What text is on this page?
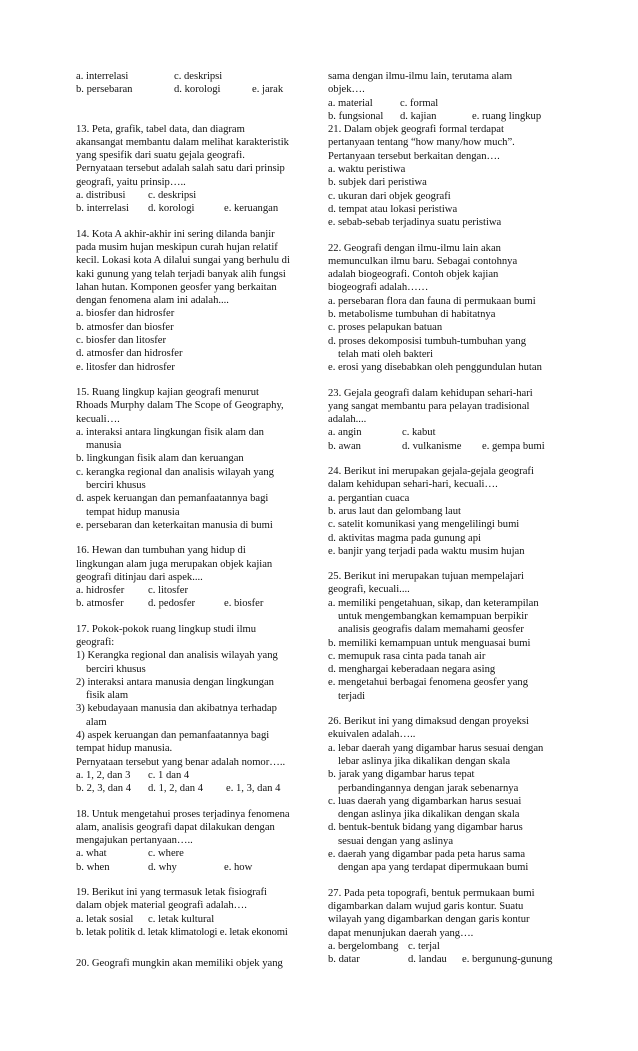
a. interrelasi	c. deskripsi
b. persebaran	d. korologi	e. jarak
13. Peta, grafik, tabel data, dan diagram
akansangat membantu dalam melihat karakteristik
yang spesifik dari suatu gejala geografi.
Pernyataan tersebut adalah salah satu dari prinsip
geografi, yaitu prinsip…..
a. distribusi c. deskripsi
b. interrelasi d. korologi	e. keruangan
14. Kota A akhir-akhir ini sering dilanda banjir
pada musim hujan meskipun curah hujan relatif
kecil. Lokasi kota A dilalui sungai yang berhulu di
kaki gunung yang telah terjadi banyak alih fungsi
lahan hutan. Komponen geosfer yang berkaitan
dengan fenomena alam ini adalah....
a. biosfer dan hidrosfer
b. atmosfer dan biosfer
c. biosfer dan litosfer
d. atmosfer dan hidrosfer
e. litosfer dan hidrosfer
15. Ruang lingkup kajian geografi menurut
Rhoads Murphy dalam The Scope of Geography,
kecuali….
a. interaksi antara lingkungan fisik alam dan
manusia
b. lingkungan fisik alam dan keruangan
c. kerangka regional dan analisis wilayah yang
berciri khusus
d. aspek keruangan dan pemanfaatannya bagi
tempat hidup manusia
e. persebaran dan keterkaitan manusia di bumi
16. Hewan dan tumbuhan yang hidup di
lingkungan alam juga merupakan objek kajian
geografi ditinjau dari aspek....
a. hidrosfer c. litosfer
b. atmosfer d. pedosfer	e. biosfer
17. Pokok-pokok ruang lingkup studi ilmu
geografi:
1) Kerangka regional dan analisis wilayah yang
berciri khusus
2) interaksi antara manusia dengan lingkungan
fisik alam
3) kebudayaan manusia dan akibatnya terhadap
alam
4) aspek keruangan dan pemanfaatannya bagi
tempat hidup manusia.
Pernyataan tersebut yang benar adalah nomor…..
a. 1, 2, dan 3 c. 1 dan 4
b. 2, 3, dan 4 d. 1, 2, dan 4 e. 1, 3, dan 4
18. Untuk mengetahui proses terjadinya fenomena
alam, analisis geografi dapat dilakukan dengan
mengajukan pertanyaan…..
a. what	c. where
b. when	d. why	e. how
19. Berikut ini yang termasuk letak fisiografi
dalam objek material geografi adalah….
a. letak sosial c. letak kultural
b. letak politik d. letak klimatologi e. letak ekonomi
20. Geografi mungkin akan memiliki objek yang
sama dengan ilmu-ilmu lain, terutama alam
objek….
a. material	c. formal
b. fungsional d. kajian	e. ruang lingkup
21. Dalam objek geografi formal terdapat
pertanyaan tentang “how many/how much”.
Pertanyaan tersebut berkaitan dengan….
a. waktu peristiwa
b. subjek dari peristiwa
c. ukuran dari objek geografi
d. tempat atau lokasi peristiwa
e. sebab-sebab terjadinya suatu peristiwa
22. Geografi dengan ilmu-ilmu lain akan
memunculkan ilmu baru. Sebagai contohnya
adalah biogeografi. Contoh objek kajian
biogeografi adalah……
a. persebaran flora dan fauna di permukaan bumi
b. metabolisme tumbuhan di habitatnya
c. proses pelapukan batuan
d. proses dekomposisi tumbuh-tumbuhan yang
telah mati oleh bakteri
e. erosi yang disebabkan oleh penggundulan hutan
23. Gejala geografi dalam kehidupan sehari-hari
yang sangat membantu para pelayan tradisional
adalah....
a. angin	c. kabut
b. awan	d. vulkanisme e. gempa bumi
24. Berikut ini merupakan gejala-gejala geografi
dalam kehidupan sehari-hari, kecuali….
a. pergantian cuaca
b. arus laut dan gelombang laut
c. satelit komunikasi yang mengelilingi bumi
d. aktivitas magma pada gunung api
e. banjir yang terjadi pada waktu musim hujan
25. Berikut ini merupakan tujuan mempelajari
geografi, kecuali....
a. memiliki pengetahuan, sikap, dan keterampilan
untuk mengembangkan kemampuan berpikir
analisis geografis dalam memahami geosfer
b. memiliki kemampuan untuk menguasai bumi
c. memupuk rasa cinta pada tanah air
d. menghargai keberadaan negara asing
e. mengetahui berbagai fenomena geosfer yang
terjadi
26. Berikut ini yang dimaksud dengan proyeksi
ekuivalen adalah…..
a. lebar daerah yang digambar harus sesuai dengan
lebar aslinya jika dikalikan dengan skala
b. jarak yang digambar harus tepat
perbandingannya dengan jarak sebenarnya
c. luas daerah yang digambarkan harus sesuai
dengan aslinya jika dikalikan dengan skala
d. bentuk-bentuk bidang yang digambar harus
sesuai dengan yang aslinya
e. daerah yang digambar pada peta harus sama
dengan apa yang terdapat dipermukaan bumi
27. Pada peta topografi, bentuk permukaan bumi
digambarkan dalam wujud garis kontur. Suatu
wilayah yang digambarkan dengan garis kontur
dapat menunjukan daerah yang….
a. bergelombang c. terjal
b. datar	d. landau e. bergunung-gunung
